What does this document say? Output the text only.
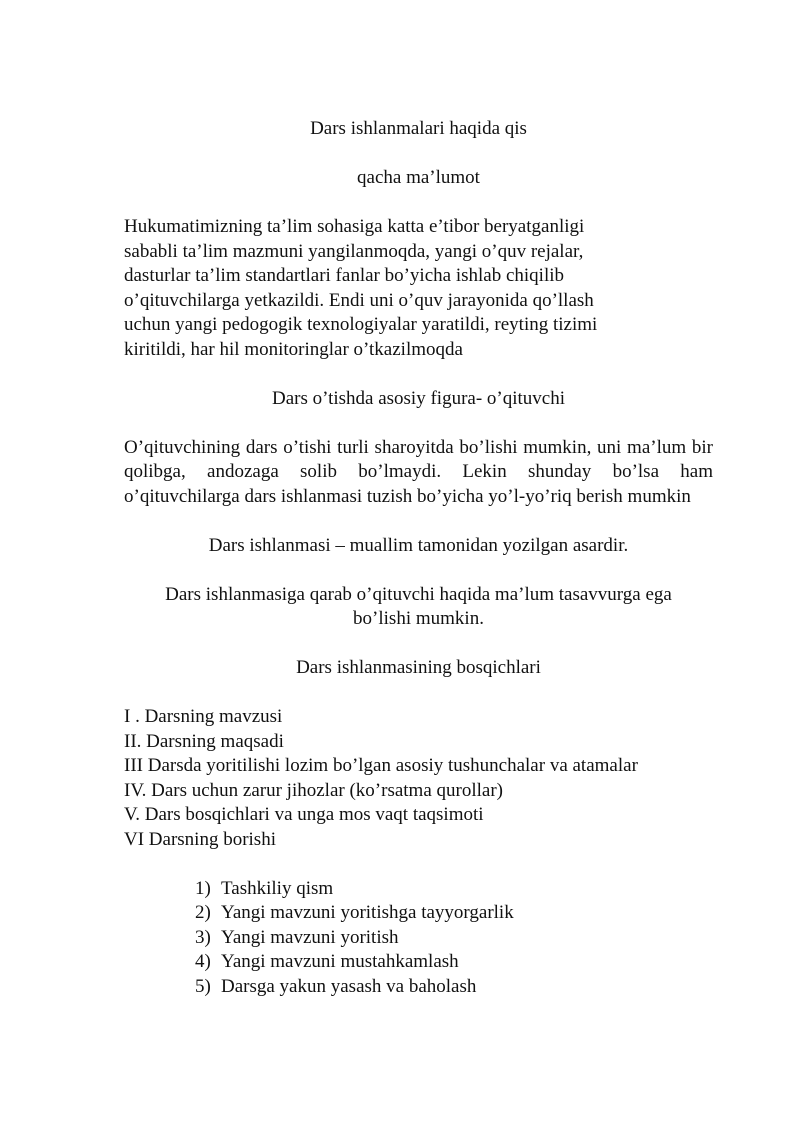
Dars ishlanmalari haqida qis

qacha ma’lumot

Hukumatimizning ta’lim sohasiga katta e’tibor beryatganligi
sababli ta’lim mazmuni yangilanmoqda, yangi o’quv rejalar,
dasturlar ta’lim standartlari fanlar bo’yicha ishlab chiqilib
o’qituvchilarga yetkazildi. Endi uni o’quv jarayonida qo’llash
uchun yangi pedogogik texnologiyalar yaratildi, reyting tizimi
kiritildi, har hil monitoringlar o’tkazilmoqda

Dars o’tishda asosiy figura- o’qituvchi

O’qituvchining dars o’tishi turli sharoyitda bo’lishi mumkin, uni ma’lum bir qolibga, andozaga solib bo’lmaydi. Lekin shunday bo’lsa ham o’qituvchilarga dars ishlanmasi tuzish bo’yicha yo’l-yo’riq berish mumkin

Dars ishlanmasi – muallim tamonidan yozilgan asardir.

Dars ishlanmasiga qarab o’qituvchi haqida ma’lum tasavvurga ega
bo’lishi mumkin.

Dars ishlanmasining bosqichlari

I . Darsning mavzusi
II. Darsning maqsadi
III Darsda yoritilishi lozim bo’lgan asosiy tushunchalar va atamalar
IV. Dars uchun zarur jihozlar (ko’rsatma qurollar)
V. Dars bosqichlari va unga mos vaqt taqsimoti
VI Darsning borishi
1) Tashkiliy qism
2) Yangi mavzuni yoritishga tayyorgarlik
3) Yangi mavzuni yoritish
4) Yangi mavzuni mustahkamlash
5) Darsga yakun yasash va baholash
